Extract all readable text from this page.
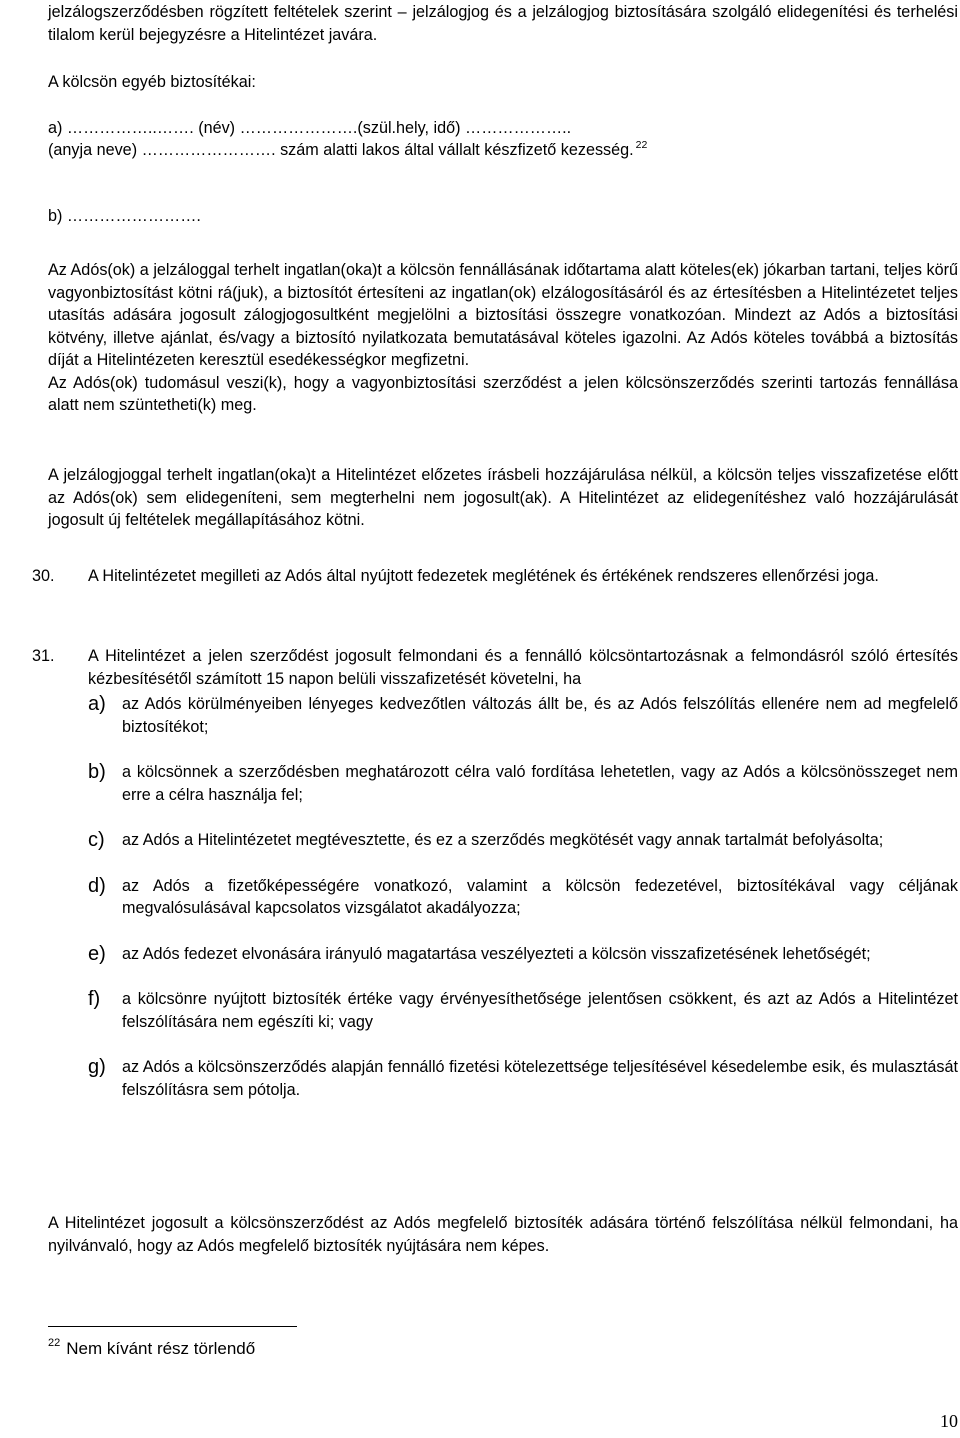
jelzálogszerződésben rögzített feltételek szerint – jelzálogjog és a jelzálogjog biztosítására szolgáló elidegenítési és terhelési tilalom kerül bejegyzésre a Hitelintézet javára.

A kölcsön egyéb biztosítékai:

a) ……………..……. (név) ………………….(szül.hely, idő) ………………..

(anyja neve) ……………………. szám alatti lakos által vállalt készfizető kezesség. $^{22}$

b) …………………….

Az Adós(ok) a jelzáloggal terhelt ingatlan(oka)t a kölcsön fennállásának időtartama alatt köteles(ek) jókarban tartani, teljes körű vagyonbiztosítást kötni rá(juk), a biztosítót értesíteni az ingatlan(ok) elzálogosításáról és az értesítésben a Hitelintézetet teljes utasítás adására jogosult zálogjogosultként megjelölni a biztosítási összegre vonatkozóan. Mindezt az Adós a biztosítási kötvény, illetve ajánlat, és/vagy a biztosító nyilatkozata bemutatásával köteles igazolni. Az Adós köteles továbbá a biztosítás díját a Hitelintézeten keresztül esedékességkor megfizetni.

Az Adós(ok) tudomásul veszi(k), hogy a vagyonbiztosítási szerződést a jelen kölcsönszerződés szerinti tartozás fennállása alatt nem szüntetheti(k) meg.

A jelzálogjoggal terhelt ingatlan(oka)t a Hitelintézet előzetes írásbeli hozzájárulása nélkül, a kölcsön teljes visszafizetése előtt az Adós(ok) sem elidegeníteni, sem megterhelni nem jogosult(ak). A Hitelintézet az elidegenítéshez való hozzájárulását jogosult új feltételek megállapításához kötni.

30.	A Hitelintézetet megilleti az Adós által nyújtott fedezetek meglétének és értékének rendszeres ellenőrzési joga.

31.	A Hitelintézet a jelen szerződést jogosult felmondani és a fennálló kölcsöntartozásnak a felmondásról szóló értesítés kézbesítésétől számított 15 napon belüli visszafizetését követelni, ha

a)	az Adós körülményeiben lényeges kedvezőtlen változás állt be, és az Adós felszólítás ellenére nem ad megfelelő biztosítékot;
b)	a kölcsönnek a szerződésben meghatározott célra való fordítása lehetetlen, vagy az Adós a kölcsönösszeget nem erre a célra használja fel;
c)	az Adós a Hitelintézetet megtévesztette, és ez a szerződés megkötését vagy annak tartalmát befolyásolta;
d)	az Adós a fizetőképességére vonatkozó, valamint a kölcsön fedezetével, biztosítékával vagy céljának megvalósulásával kapcsolatos vizsgálatot akadályozza;
e)	az Adós fedezet elvonására irányuló magatartása veszélyezteti a kölcsön visszafizetésének lehetőségét;
f)	a kölcsönre nyújtott biztosíték értéke vagy érvényesíthetősége jelentősen csökkent, és azt az Adós a Hitelintézet felszólítására nem egészíti ki; vagy
g)	az Adós a kölcsönszerződés alapján fennálló fizetési kötelezettsége teljesítésével késedelembe esik, és mulasztását felszólításra sem pótolja.

A Hitelintézet jogosult a kölcsönszerződést az Adós megfelelő biztosíték adására történő felszólítása nélkül felmondani, ha nyilvánvaló, hogy az Adós megfelelő biztosíték nyújtására nem képes.

$^{22}$ Nem kívánt rész törlendő
10
